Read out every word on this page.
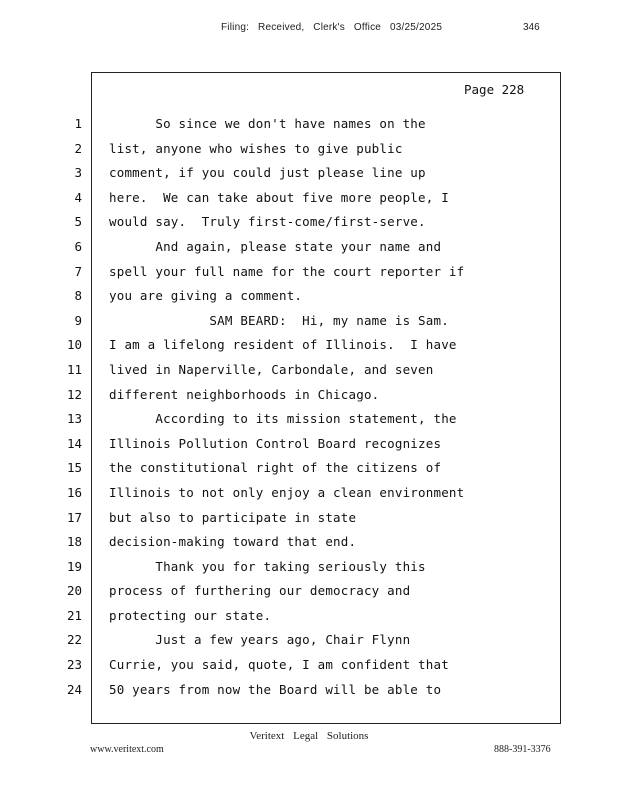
Filing: Received, Clerk's Office 03/25/2025	346
Page 228
1
2
3
4
5
6
7
8
9
10
11
12
13
14
15
16
17
18
19
20
21
22
23
24
So since we don't have names on the
list, anyone who wishes to give public
comment, if you could just please line up
here.  We can take about five more people, I
would say.  Truly first-come/first-serve.
And again, please state your name and
spell your full name for the court reporter if
you are giving a comment.
SAM BEARD:  Hi, my name is Sam.
I am a lifelong resident of Illinois.  I have
lived in Naperville, Carbondale, and seven
different neighborhoods in Chicago.
According to its mission statement, the
Illinois Pollution Control Board recognizes
the constitutional right of the citizens of
Illinois to not only enjoy a clean environment
but also to participate in state
decision-making toward that end.
Thank you for taking seriously this
process of furthering our democracy and
protecting our state.
Just a few years ago, Chair Flynn
Currie, you said, quote, I am confident that
50 years from now the Board will be able to
Veritext Legal Solutions
www.veritext.com	888-391-3376
